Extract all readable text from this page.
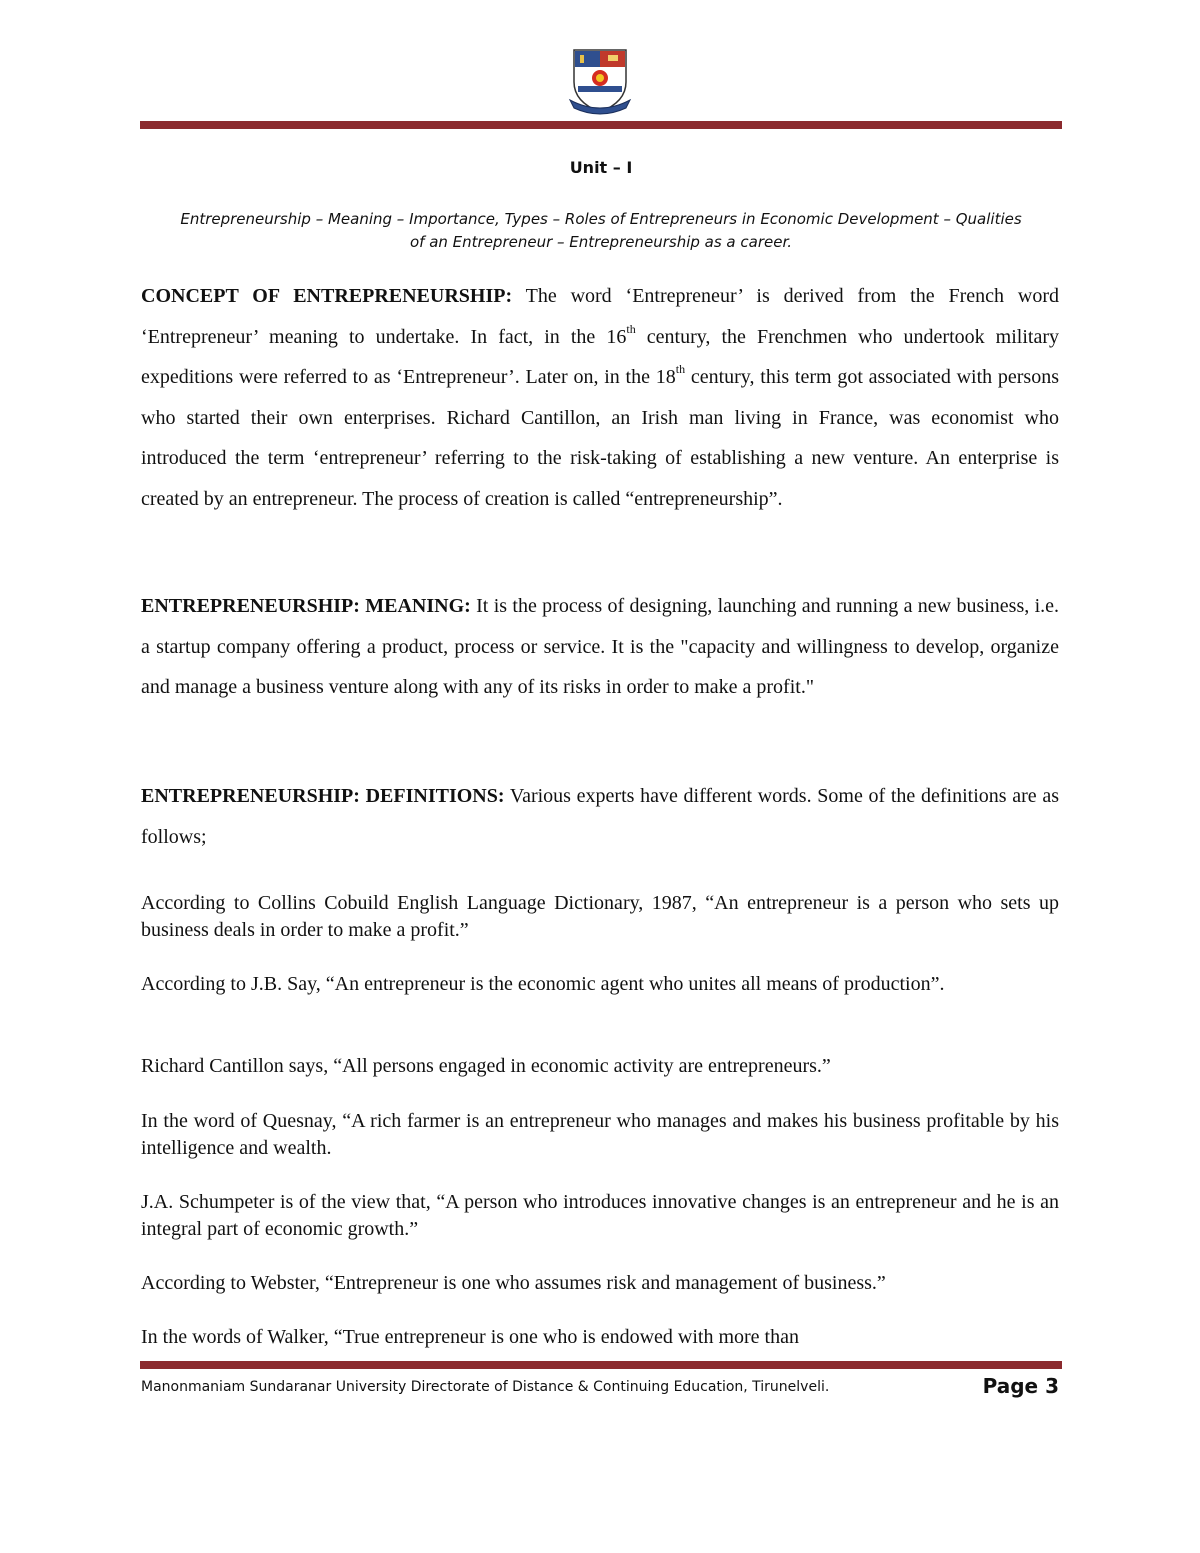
Unit – I
Entrepreneurship – Meaning – Importance, Types – Roles of Entrepreneurs in Economic Development – Qualities
of an Entrepreneur – Entrepreneurship as a career.
CONCEPT OF ENTREPRENEURSHIP: The word ‘Entrepreneur’ is derived from the French word ‘Entrepreneur’ meaning to undertake. In fact, in the 16th century, the Frenchmen who undertook military expeditions were referred to as ‘Entrepreneur’. Later on, in the 18th century, this term got associated with persons who started their own enterprises. Richard Cantillon, an Irish man living in France, was economist who introduced the term ‘entrepreneur’ referring to the risk-taking of establishing a new venture. An enterprise is created by an entrepreneur. The process of creation is called “entrepreneurship”.
ENTREPRENEURSHIP: MEANING: It is the process of designing, launching and running a new business, i.e. a startup company offering a product, process or service. It is the "capacity and willingness to develop, organize and manage a business venture along with any of its risks in order to make a profit."
ENTREPRENEURSHIP: DEFINITIONS: Various experts have different words. Some of the definitions are as follows;
According to Collins Cobuild English Language Dictionary, 1987, “An entrepreneur is a person who sets up business deals in order to make a profit.”
According to J.B. Say, “An entrepreneur is the economic agent who unites all means of production”.
Richard Cantillon says, “All persons engaged in economic activity are entrepreneurs.”
In the word of Quesnay, “A rich farmer is an entrepreneur who manages and makes his business profitable by his intelligence and wealth.
J.A. Schumpeter is of the view that, “A person who introduces innovative changes is an entrepreneur and he is an integral part of economic growth.”
According to Webster, “Entrepreneur is one who assumes risk and management of business.”
In the words of Walker, “True entrepreneur is one who is endowed with more than
Manonmaniam Sundaranar University Directorate of Distance & Continuing Education, Tirunelveli.	Page 3
